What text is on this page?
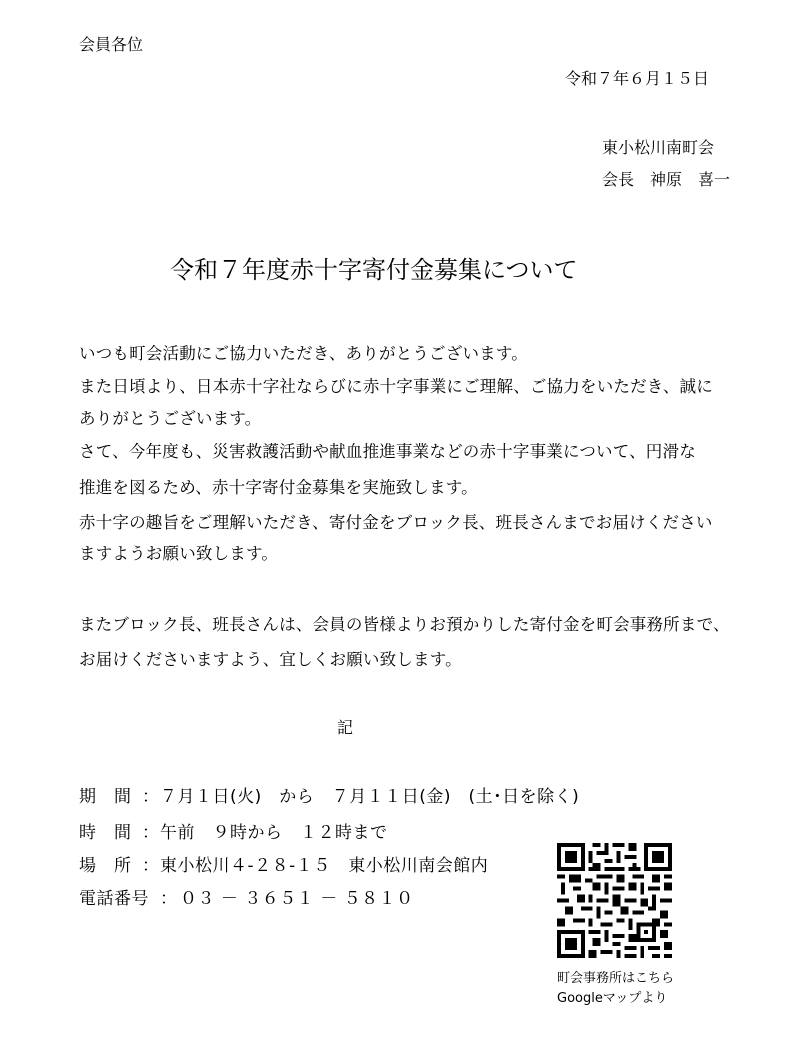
会員各位
令和７年６月１５日
東小松川南町会
会長　神原　喜一
令和７年度赤十字寄付金募集について
いつも町会活動にご協力いただき、ありがとうございます。
また日頃より、日本赤十字社ならびに赤十字事業にご理解、ご協力をいただき、誠に
ありがとうございます。
さて、今年度も、災害救護活動や献血推進事業などの赤十字事業について、円滑な
推進を図るため、赤十字寄付金募集を実施致します。
赤十字の趣旨をご理解いただき、寄付金をブロック長、班長さんまでお届けください
ますようお願い致します。
またブロック長、班長さんは、会員の皆様よりお預かりした寄付金を町会事務所まで、
お届けくださいますよう、宜しくお願い致します。
記
期　間 ： ７月１日(火)　から　７月１１日(金)　(土･日を除く)
時　間 ： 午前　９時から　１２時まで
場　所 ： 東小松川４-２８-１５　東小松川南会館内
電話番号 ： ０３ － ３６５１ － ５８１０
町会事務所はこちら
Googleマップより
